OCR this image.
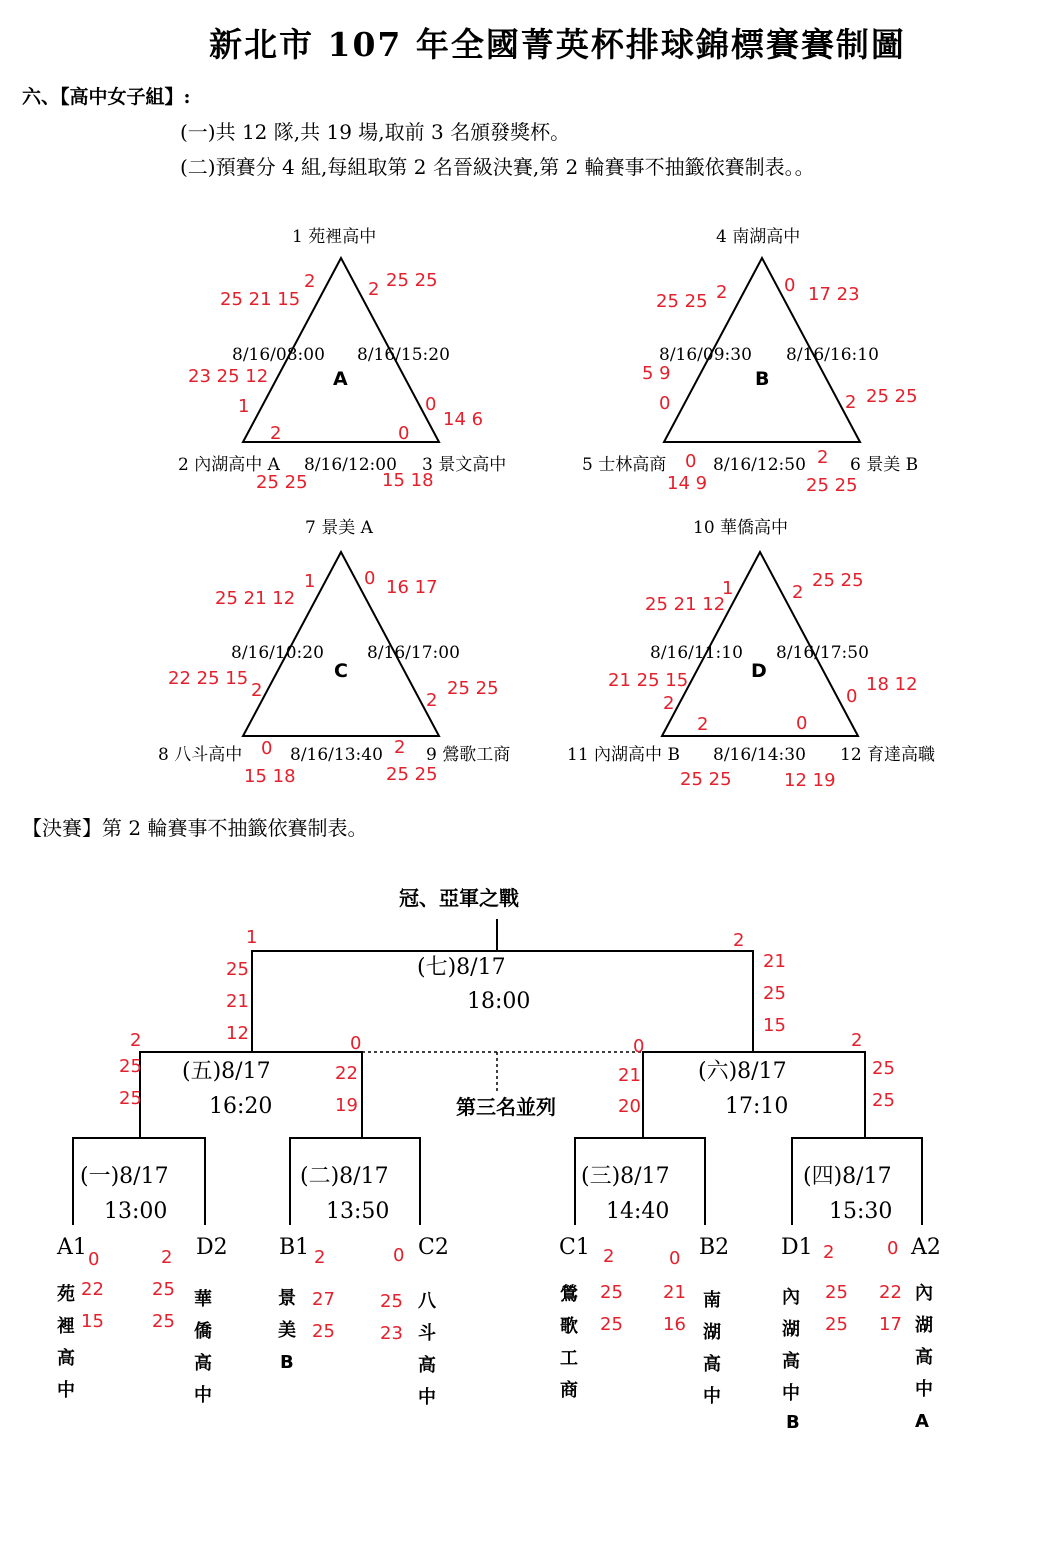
新北市 107 年全國菁英杯排球錦標賽賽制圖
六、【高中女子組】:
(一)共 12 隊,共 19 場,取前 3 名頒發獎杯。
(二)預賽分 4 組,每組取第 2 名晉級決賽,第 2 輪賽事不抽籤依賽制表。。
1 苑裡高中
2 內湖高中 A	3 景文高中
8/16/08:00 8/16/15:20
8/16/12:00
A
25 21 15
2	2 25 25
23 25 12
1	0
14 6
2	0
25 25	15 18
4 南湖高中
5 士林高商	6 景美 B
8/16/09:30 8/16/16:10
8/16/12:50
B
25 25 2	0 17 23
5 9
0	2 25 25
0	2
14 9	25 25
7 景美 A
8 八斗高中	9 鶯歌工商
8/16/10:20	8/16/17:00
8/16/13:40
C
25 21 12
1	0 16 17
22 25 15
2	2
25 25
0	2
15 18	25 25
10 華僑高中
11 內湖高中 B	12 育達高職
8/16/11:10 8/16/17:50
8/16/14:30
D
25 21 12
1	2
25 25
21 25 15
2	0
18 12
2	0
25 25	12 19
【決賽】第 2 輪賽事不抽籤依賽制表。
冠、亞軍之戰
第三名並列
(七)8/17
18:00
(五)8/17
16:20
(六)8/17
17:10
(一)8/17
13:00
(二)8/17
13:50
(三)8/17
14:40
(四)8/17
15:30
A1	D2 B1	C2	C1	B2 D1	A2
苑
裡
高
中
華
僑
高
中
景
美
B
八
斗
高
中
鶯
歌
工
商
南
湖
高
中
內
湖
高
中
B
內
湖
高
中
A
1
25
21
12
2
21
25
15
2
25
25
0
22
19
0
21
20
2
25
25
0
22
15
2
25
25
2
27
25
0
25
23
2
25
25
0
21
16
2
25
25
0
22
17
